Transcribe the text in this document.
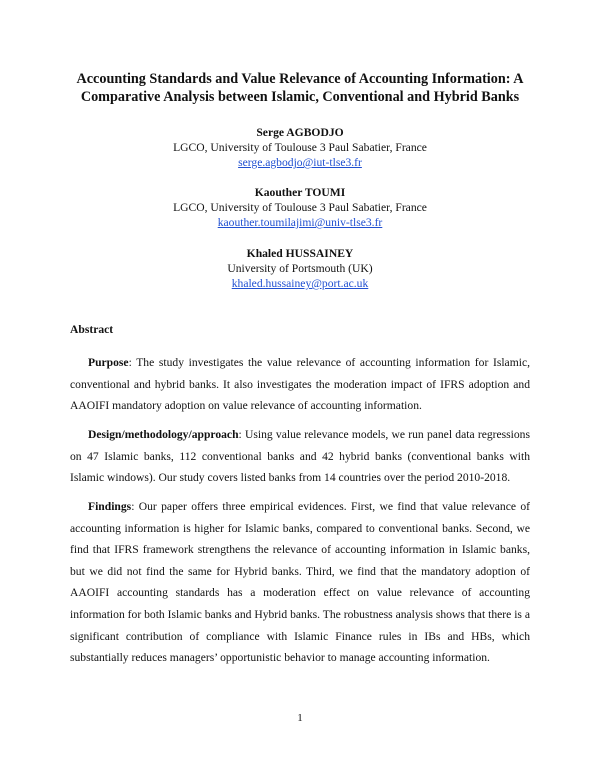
Accounting Standards and Value Relevance of Accounting Information: A
Comparative Analysis between Islamic, Conventional and Hybrid Banks
Serge AGBODJO
LGCO, University of Toulouse 3 Paul Sabatier, France
serge.agbodjo@iut-tlse3.fr
Kaouther TOUMI
LGCO, University of Toulouse 3 Paul Sabatier, France
kaouther.toumilajimi@univ-tlse3.fr
Khaled HUSSAINEY
University of Portsmouth (UK)
khaled.hussainey@port.ac.uk
Abstract
Purpose: The study investigates the value relevance of accounting information for Islamic, conventional and hybrid banks. It also investigates the moderation impact of IFRS adoption and AAOIFI mandatory adoption on value relevance of accounting information.
Design/methodology/approach: Using value relevance models, we run panel data regressions on 47 Islamic banks, 112 conventional banks and 42 hybrid banks (conventional banks with Islamic windows). Our study covers listed banks from 14 countries over the period 2010-2018.
Findings: Our paper offers three empirical evidences. First, we find that value relevance of accounting information is higher for Islamic banks, compared to conventional banks. Second, we find that IFRS framework strengthens the relevance of accounting information in Islamic banks, but we did not find the same for Hybrid banks. Third, we find that the mandatory adoption of AAOIFI accounting standards has a moderation effect on value relevance of accounting information for both Islamic banks and Hybrid banks. The robustness analysis shows that there is a significant contribution of compliance with Islamic Finance rules in IBs and HBs, which substantially reduces managers’ opportunistic behavior to manage accounting information.
1
